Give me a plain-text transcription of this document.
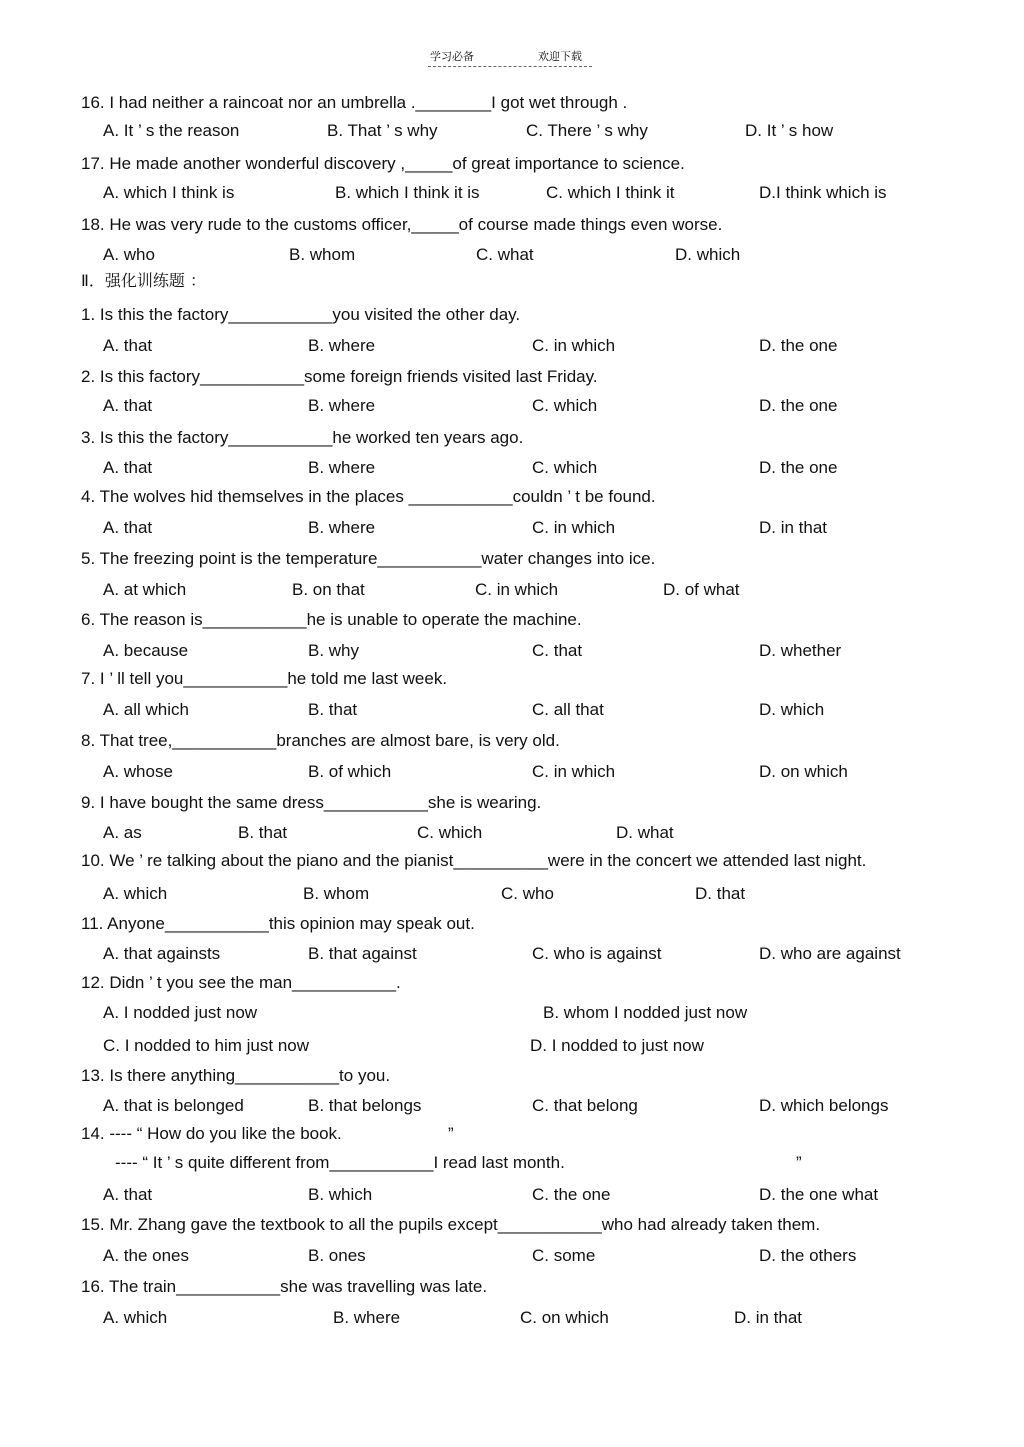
学习必备	欢迎下载
16. I had neither a raincoat nor an umbrella .________I got wet through .
A. It ’ s the reason	B. That ’ s why	C. There ’ s why	D. It ’ s how
17. He made another wonderful discovery ,_____of great importance to science.
A. which I think is	B. which I think it is	C. which I think it	D.I think which is
18. He was very rude to the customs officer,_____of course made things even worse.
A. who	B. whom	C. what	D. which
Ⅱ．强化训练题 ：
1. Is this the factory___________you visited the other day.
A. that	B. where	C. in which	D. the one
2. Is this factory___________some foreign friends visited last Friday.
A. that	B. where	C. which	D. the one
3. Is this the factory___________he worked ten years ago.
A. that	B. where	C. which	D. the one
4. The wolves hid themselves in the places ___________couldn ’ t be found.
A. that	B. where	C. in which	D. in that
5. The freezing point is the temperature___________water changes into ice.
A. at which	B. on that	C. in which	D. of what
6. The reason is___________he is unable to operate the machine.
A. because	B. why	C. that	D. whether
7. I ’ ll tell you___________he told me last week.
A. all which	B. that	C. all that	D. which
8. That tree,___________branches are almost bare, is very old.
A. whose	B. of which	C. in which	D. on which
9. I have bought the same dress___________she is wearing.
A. as	B. that	C. which	D. what
10. We ’ re talking about the piano and the pianist__________were in the concert we attended last night.
A. which	B. whom	C. who	D. that
11. Anyone___________this opinion may speak out.
A. that againsts	B. that against	C. who is against	D. who are against
12. Didn ’ t you see the man___________.
A. I nodded just now	B. whom I nodded just now
C. I nodded to him just now	D. I nodded to just now
13. Is there anything___________to you.
A. that is belonged	B. that belongs	C. that belong	D. which belongs
14. ---- “ How do you like the book.	”
---- “ It ’ s quite different from___________I read last month.	”
A. that	B. which	C. the one	D. the one what
15. Mr. Zhang gave the textbook to all the pupils except___________who had already taken them.
A. the ones	B. ones	C. some	D. the others
16. The train___________she was travelling was late.
A. which	B. where	C. on which	D. in that
